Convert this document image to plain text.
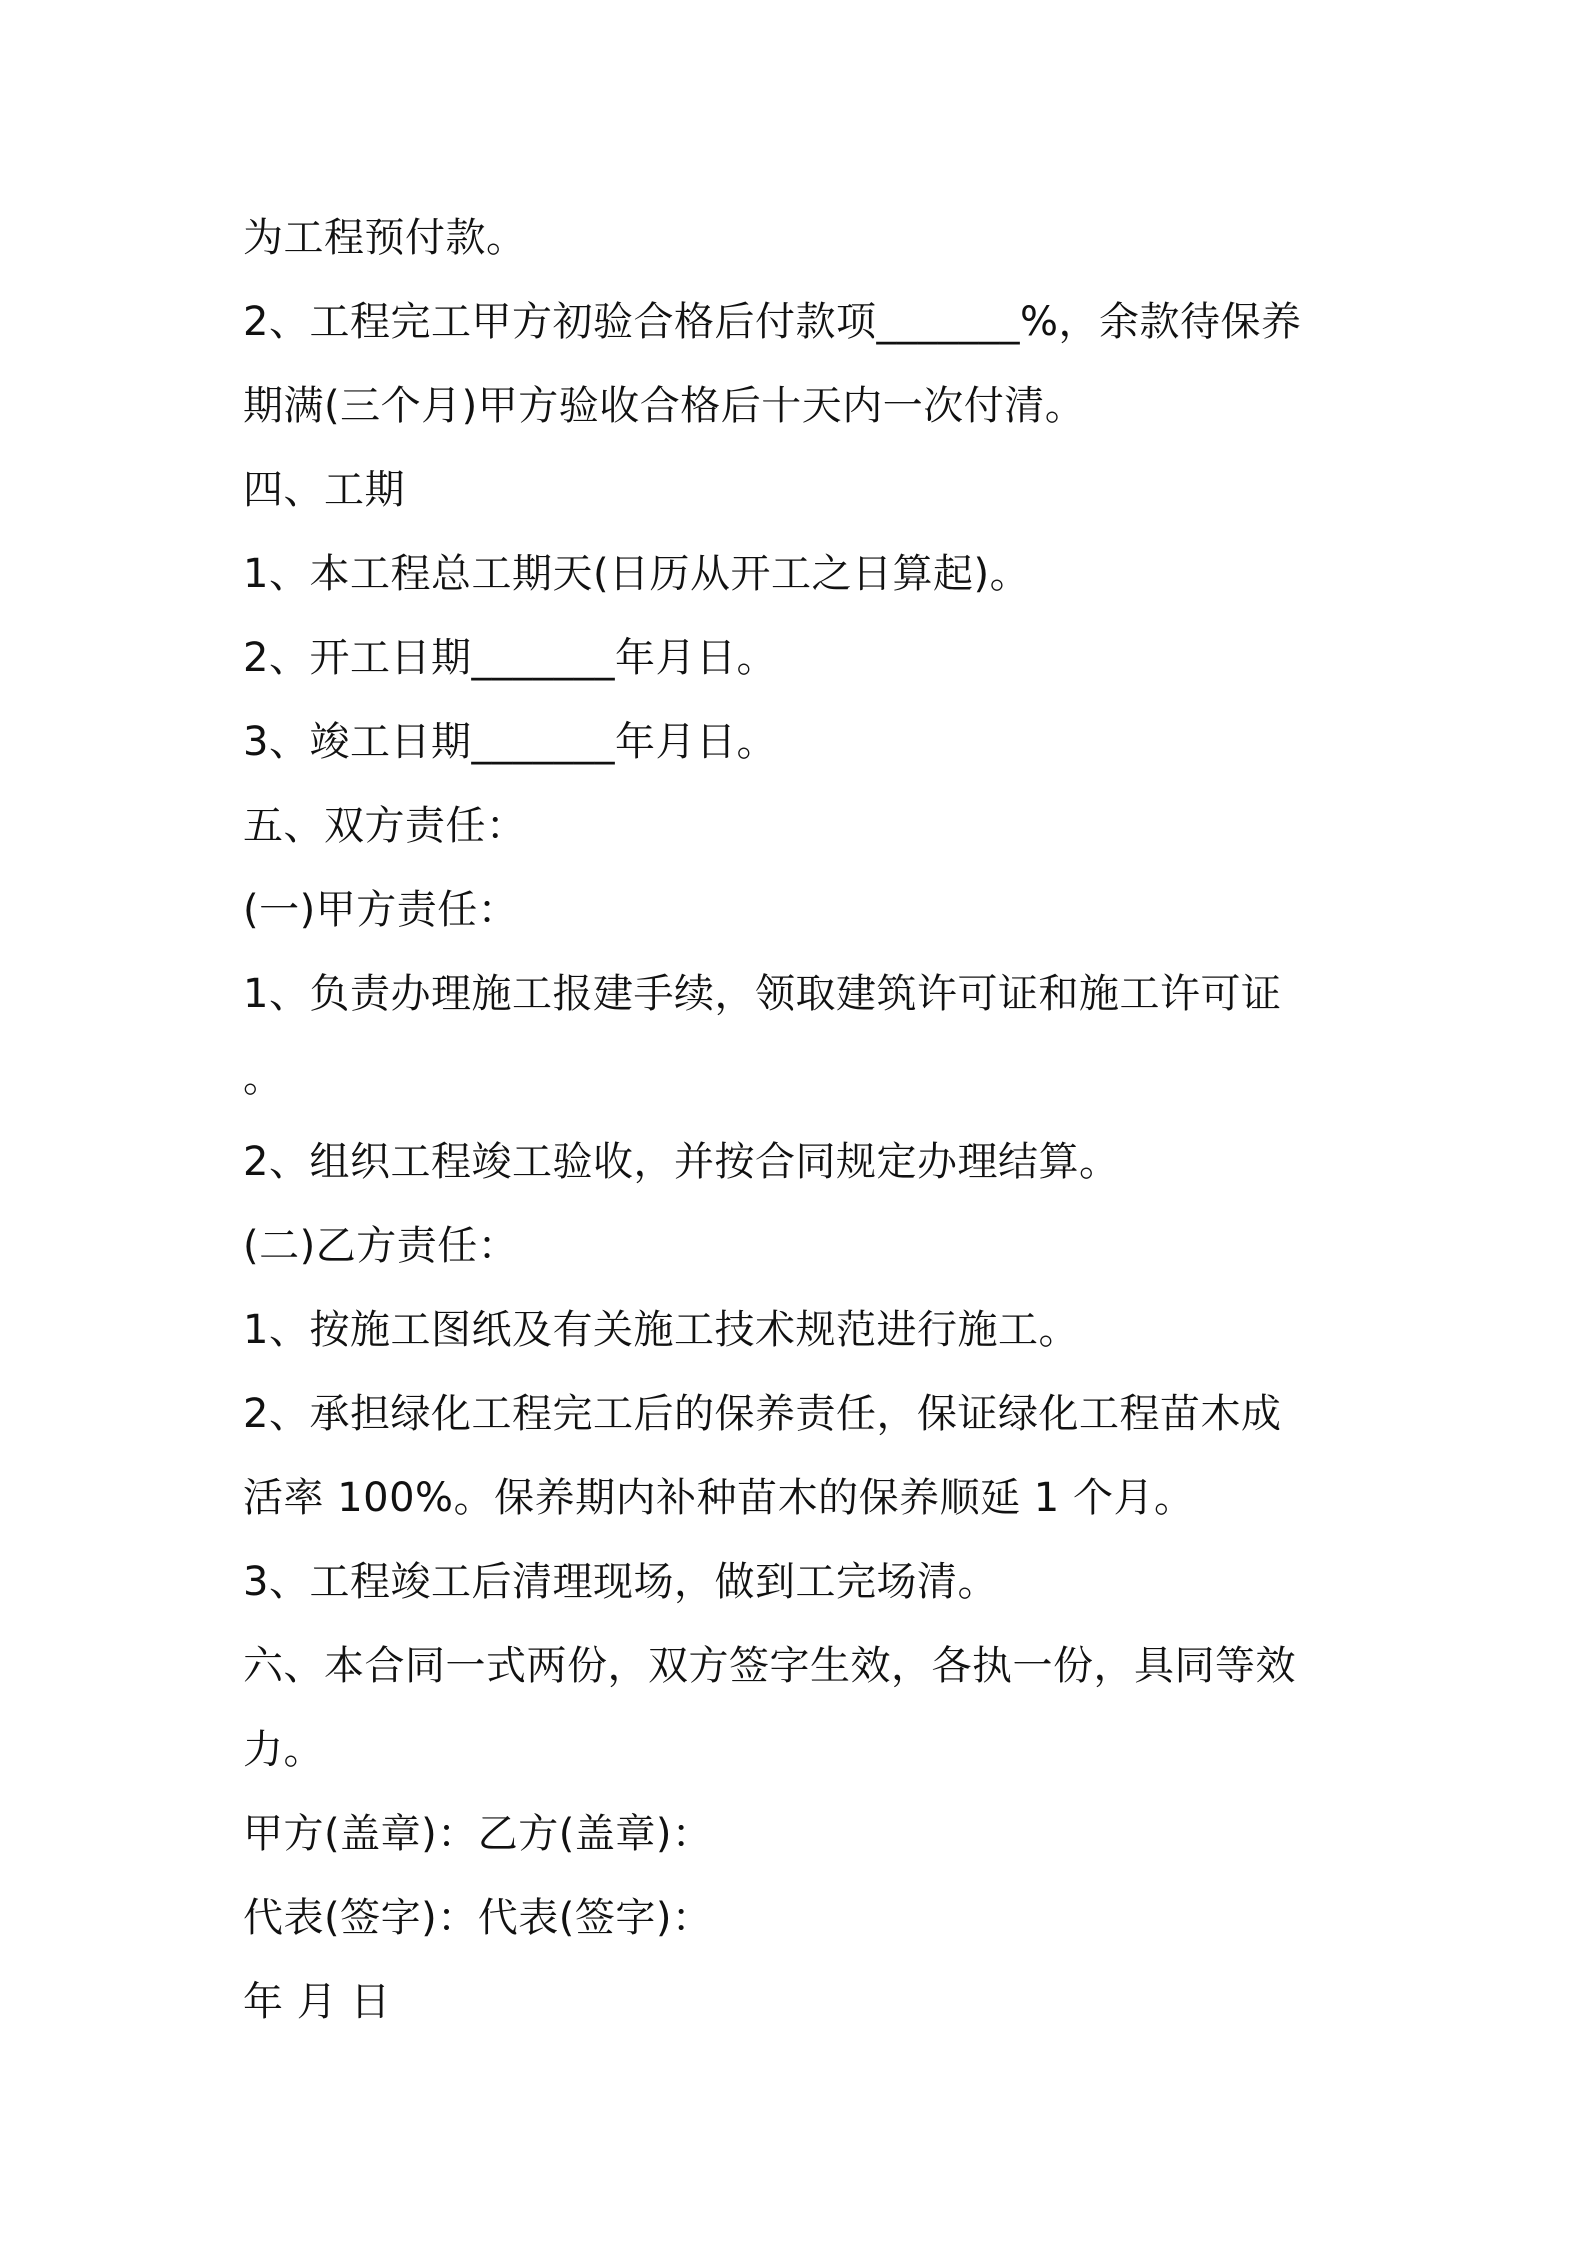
为工程预付款。
2、工程完工甲方初验合格后付款项_______%，余款待保养
期满(三个月)甲方验收合格后十天内一次付清。
四、工期
1、本工程总工期天(日历从开工之日算起)。
2、开工日期_______年月日。
3、竣工日期_______年月日。
五、双方责任：
(一)甲方责任：
1、负责办理施工报建手续，领取建筑许可证和施工许可证
。
2、组织工程竣工验收，并按合同规定办理结算。
(二)乙方责任：
1、按施工图纸及有关施工技术规范进行施工。
2、承担绿化工程完工后的保养责任，保证绿化工程苗木成
活率 100%。保养期内补种苗木的保养顺延 1 个月。
3、工程竣工后清理现场，做到工完场清。
六、本合同一式两份，双方签字生效，各执一份，具同等效
力。
甲方(盖章)：乙方(盖章)：
代表(签字)：代表(签字)：
年 月 日
